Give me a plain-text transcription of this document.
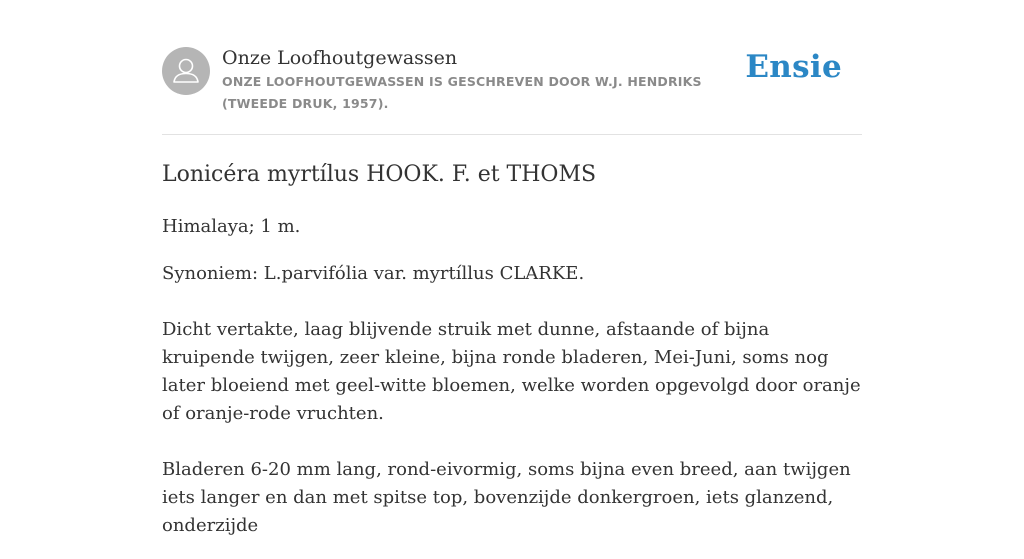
Onze Loofhoutgewassen
ONZE LOOFHOUTGEWASSEN IS GESCHREVEN DOOR W.J. HENDRIKS (TWEEDE DRUK, 1957).
Ensie
Lonicéra myrtílus HOOK. F. et THOMS

Himalaya; 1 m.

Synoniem: L.parvifólia var. myrtíllus CLARKE.

Dicht vertakte, laag blijvende struik met dunne, afstaande of bijna kruipende twijgen, zeer kleine, bijna ronde bladeren, Mei-Juni, soms nog later bloeiend met geel-witte bloemen, welke worden opgevolgd door oranje of oranje-rode vruchten.

Bladeren 6-20 mm lang, rond-eivormig, soms bijna even breed, aan twijgen iets langer en dan met spitse top, bovenzijde donkergroen, iets glanzend, onderzijde
